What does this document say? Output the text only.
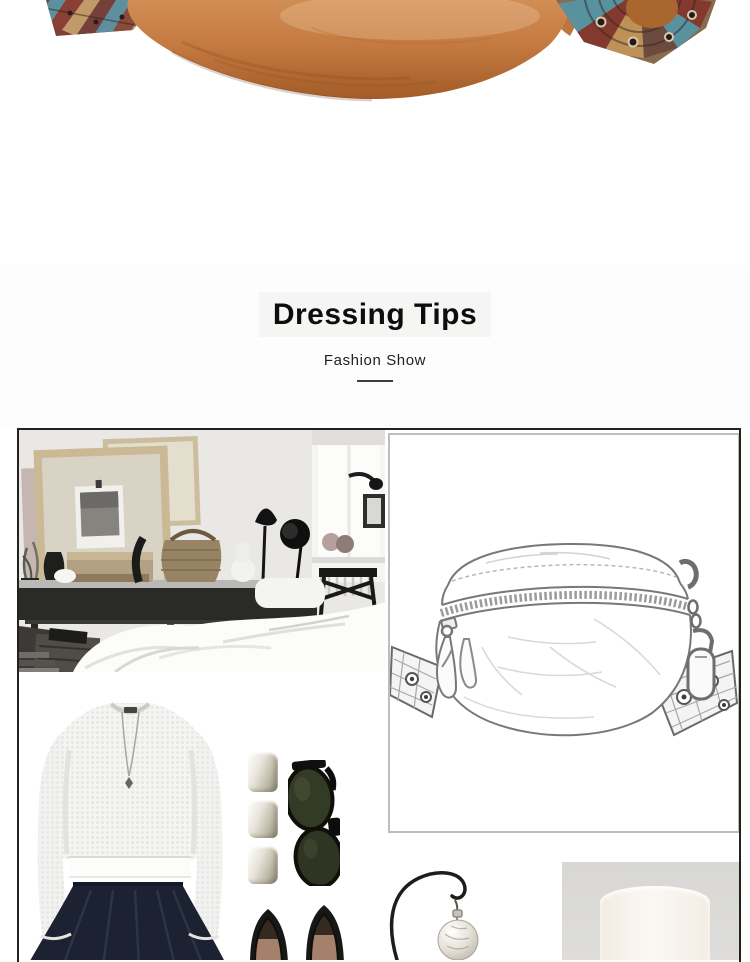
Dressing Tips
Fashion Show
